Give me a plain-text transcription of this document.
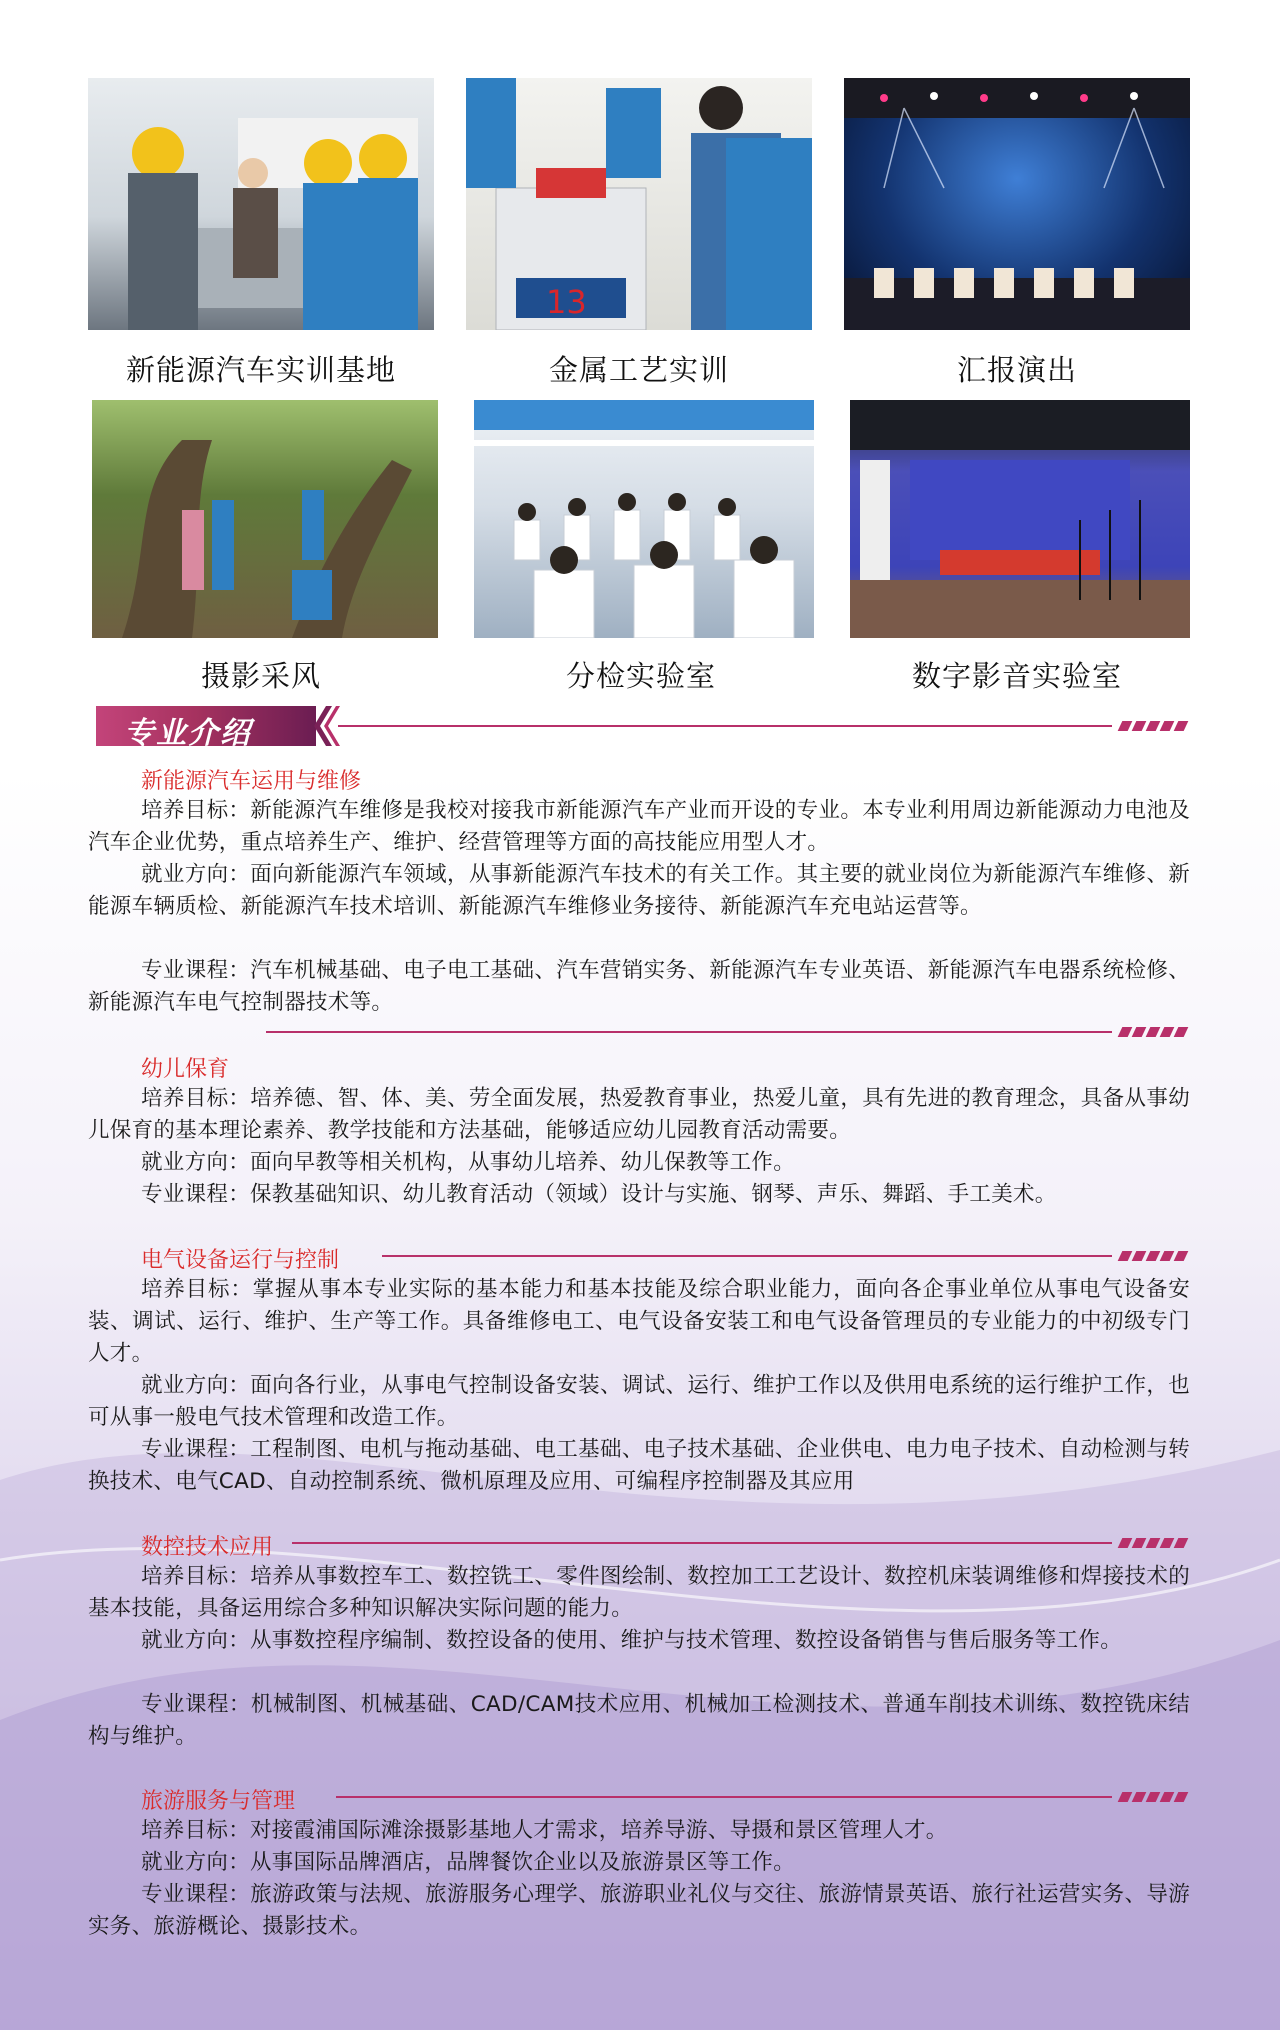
新能源汽车实训基地
13
金属工艺实训	汇报演出
摄影采风	分检实验室	数字影音实验室
专业介绍
新能源汽车运用与维修
培养目标：新能源汽车维修是我校对接我市新能源汽车产业而开设的专业。本专业利用周边新能源动力电池及汽车企业优势，重点培养生产、维护、经营管理等方面的高技能应用型人才。
就业方向：面向新能源汽车领域，从事新能源汽车技术的有关工作。其主要的就业岗位为新能源汽车维修、新能源车辆质检、新能源汽车技术培训、新能源汽车维修业务接待、新能源汽车充电站运营等。
专业课程：汽车机械基础、电子电工基础、汽车营销实务、新能源汽车专业英语、新能源汽车电器系统检修、新能源汽车电气控制器技术等。
幼儿保育
培养目标：培养德、智、体、美、劳全面发展，热爱教育事业，热爱儿童，具有先进的教育理念，具备从事幼儿保育的基本理论素养、教学技能和方法基础，能够适应幼儿园教育活动需要。
就业方向：面向早教等相关机构，从事幼儿培养、幼儿保教等工作。
专业课程：保教基础知识、幼儿教育活动（领域）设计与实施、钢琴、声乐、舞蹈、手工美术。
电气设备运行与控制
培养目标：掌握从事本专业实际的基本能力和基本技能及综合职业能力，面向各企事业单位从事电气设备安装、调试、运行、维护、生产等工作。具备维修电工、电气设备安装工和电气设备管理员的专业能力的中初级专门人才。
就业方向：面向各行业，从事电气控制设备安装、调试、运行、维护工作以及供用电系统的运行维护工作，也可从事一般电气技术管理和改造工作。
专业课程：工程制图、电机与拖动基础、电工基础、电子技术基础、企业供电、电力电子技术、自动检测与转换技术、电气CAD、自动控制系统、微机原理及应用、可编程序控制器及其应用
数控技术应用
培养目标：培养从事数控车工、数控铣工、零件图绘制、数控加工工艺设计、数控机床装调维修和焊接技术的基本技能，具备运用综合多种知识解决实际问题的能力。
就业方向：从事数控程序编制、数控设备的使用、维护与技术管理、数控设备销售与售后服务等工作。
专业课程：机械制图、机械基础、CAD/CAM技术应用、机械加工检测技术、普通车削技术训练、数控铣床结构与维护。
旅游服务与管理
培养目标：对接霞浦国际滩涂摄影基地人才需求，培养导游、导摄和景区管理人才。
就业方向：从事国际品牌酒店，品牌餐饮企业以及旅游景区等工作。
专业课程：旅游政策与法规、旅游服务心理学、旅游职业礼仪与交往、旅游情景英语、旅行社运营实务、导游实务、旅游概论、摄影技术。
